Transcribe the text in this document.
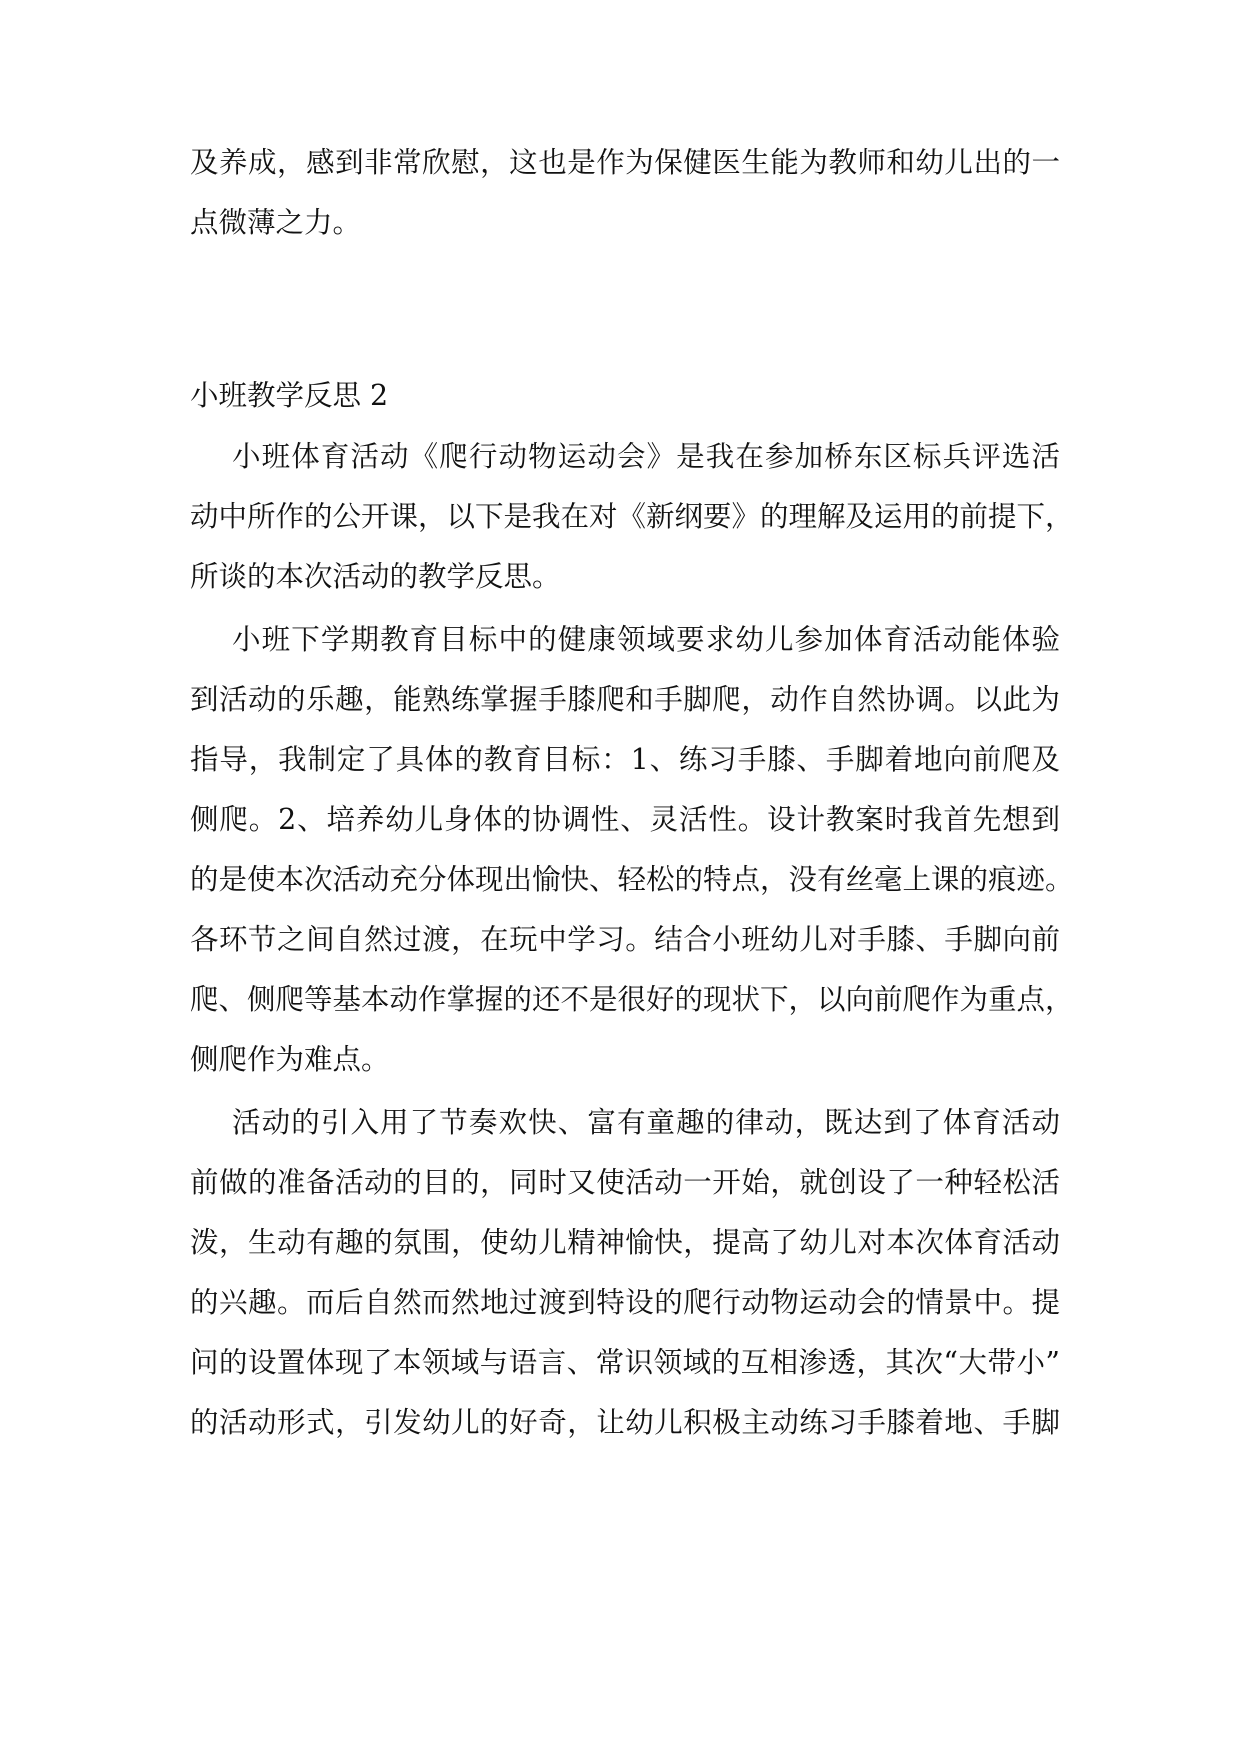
及养成，感到非常欣慰，这也是作为保健医生能为教师和幼儿出的一

点微薄之力。

小班教学反思 2

小班体育活动《爬行动物运动会》是我在参加桥东区标兵评选活

动中所作的公开课，以下是我在对《新纲要》的理解及运用的前提下，

所谈的本次活动的教学反思。

小班下学期教育目标中的健康领域要求幼儿参加体育活动能体验

到活动的乐趣，能熟练掌握手膝爬和手脚爬，动作自然协调。以此为

指导，我制定了具体的教育目标：1、练习手膝、手脚着地向前爬及

侧爬。2、培养幼儿身体的协调性、灵活性。设计教案时我首先想到

的是使本次活动充分体现出愉快、轻松的特点，没有丝毫上课的痕迹。

各环节之间自然过渡，在玩中学习。结合小班幼儿对手膝、手脚向前

爬、侧爬等基本动作掌握的还不是很好的现状下，以向前爬作为重点，

侧爬作为难点。

活动的引入用了节奏欢快、富有童趣的律动，既达到了体育活动

前做的准备活动的目的，同时又使活动一开始，就创设了一种轻松活

泼，生动有趣的氛围，使幼儿精神愉快，提高了幼儿对本次体育活动

的兴趣。而后自然而然地过渡到特设的爬行动物运动会的情景中。提

问的设置体现了本领域与语言、常识领域的互相渗透，其次“大带小”

的活动形式，引发幼儿的好奇，让幼儿积极主动练习手膝着地、手脚
